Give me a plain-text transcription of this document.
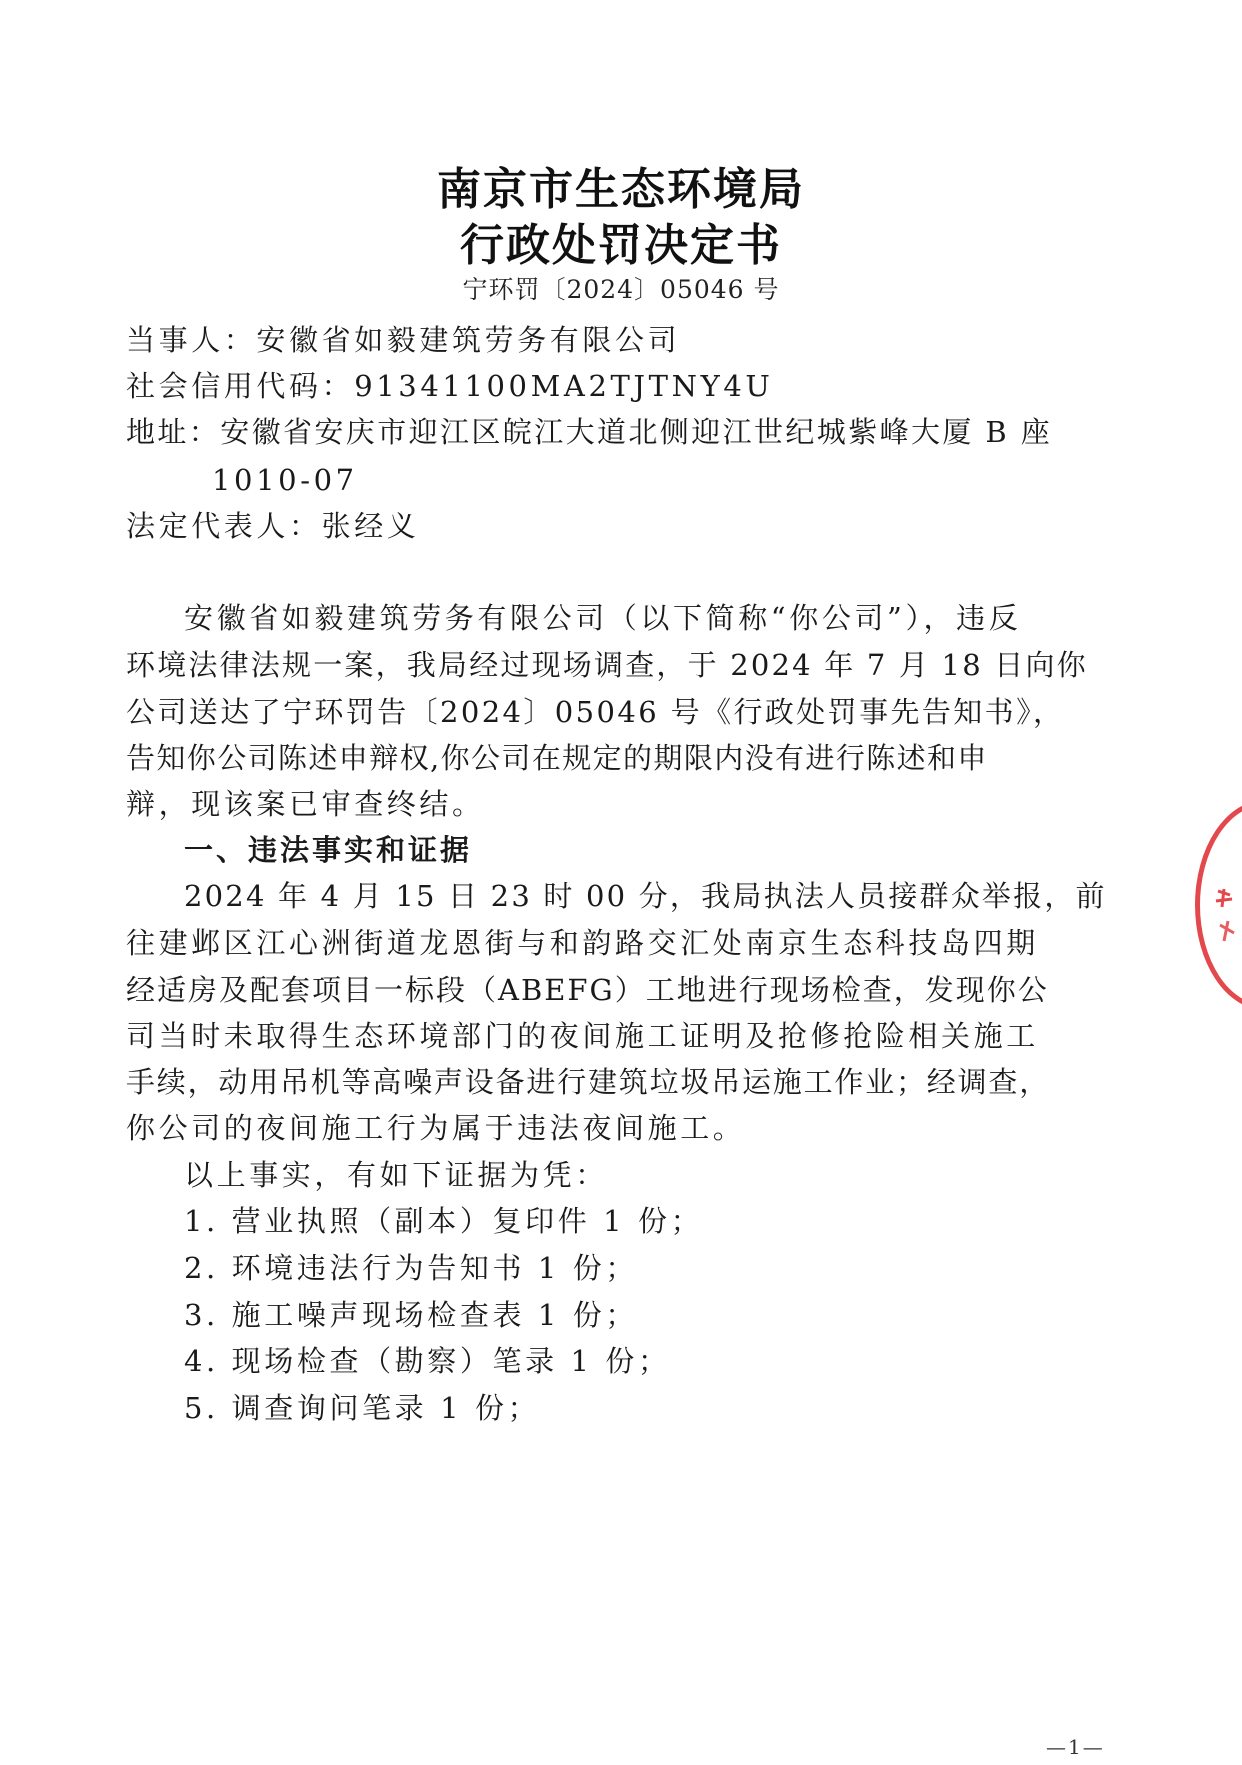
南京市生态环境局
行政处罚决定书
宁环罚〔2024〕05046 号
当事人：安徽省如毅建筑劳务有限公司
社会信用代码：91341100MA2TJTNY4U
地址：安徽省安庆市迎江区皖江大道北侧迎江世纪城紫峰大厦 B 座
1010-07
法定代表人：张经义
安徽省如毅建筑劳务有限公司（以下简称“你公司”），违反
环境法律法规一案，我局经过现场调查，于 2024 年 7 月 18 日向你
公司送达了宁环罚告〔2024〕05046 号《行政处罚事先告知书》，
告知你公司陈述申辩权,你公司在规定的期限内没有进行陈述和申
辩，现该案已审查终结。
一、违法事实和证据
2024 年 4 月 15 日 23 时 00 分，我局执法人员接群众举报，前
往建邺区江心洲街道龙恩街与和韵路交汇处南京生态科技岛四期
经适房及配套项目一标段（ABEFG）工地进行现场检查，发现你公
司当时未取得生态环境部门的夜间施工证明及抢修抢险相关施工
手续，动用吊机等高噪声设备进行建筑垃圾吊运施工作业；经调查，
你公司的夜间施工行为属于违法夜间施工。
以上事实，有如下证据为凭：
1. 营业执照（副本）复印件 1 份；
2. 环境违法行为告知书 1 份；
3. 施工噪声现场检查表 1 份；
4. 现场检查（勘察）笔录 1 份；
5. 调查询问笔录 1 份；
—1—
